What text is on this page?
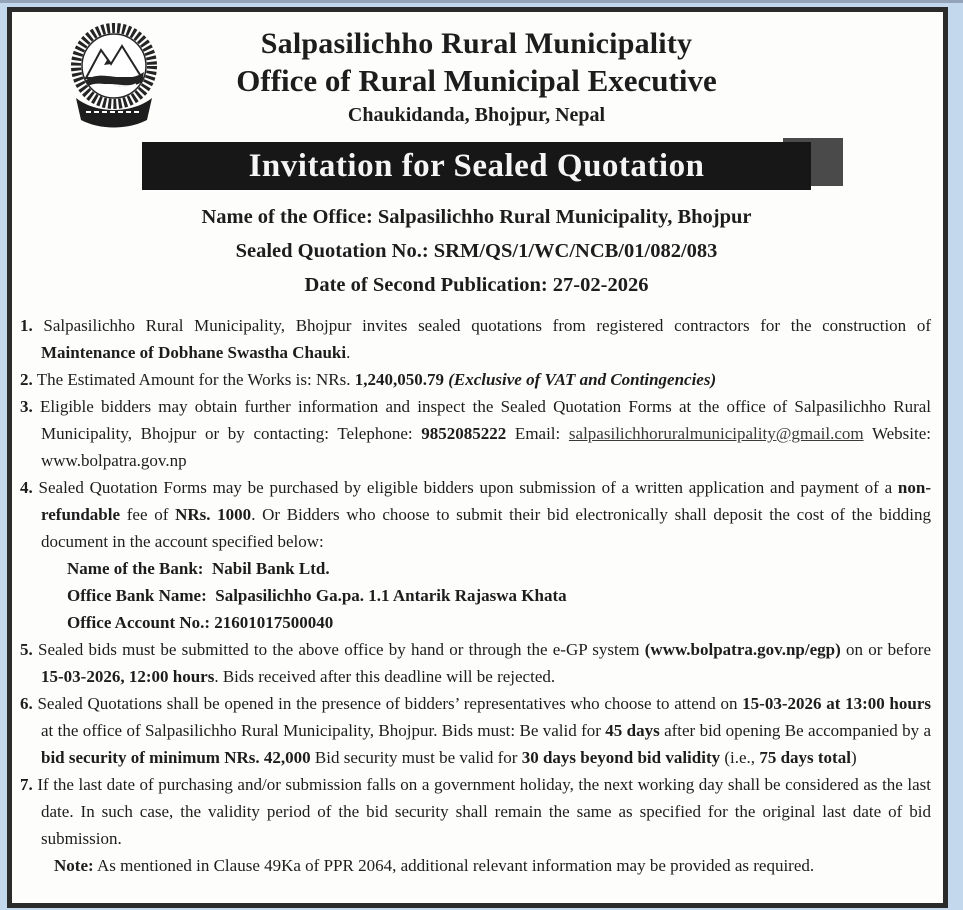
Salpasilichho Rural Municipality
Office of Rural Municipal Executive
Chaukidanda, Bhojpur, Nepal
Invitation for Sealed Quotation
Name of the Office: Salpasilichho Rural Municipality, Bhojpur
Sealed Quotation No.: SRM/QS/1/WC/NCB/01/082/083
Date of Second Publication: 27-02-2026

1. Salpasilichho Rural Municipality, Bhojpur invites sealed quotations from registered contractors for the construction of Maintenance of Dobhane Swastha Chauki.

2. The Estimated Amount for the Works is: NRs. 1,240,050.79 (Exclusive of VAT and Contingencies)

3. Eligible bidders may obtain further information and inspect the Sealed Quotation Forms at the office of Salpasilichho Rural Municipality, Bhojpur or by contacting: Telephone: 9852085222 Email: salpasilichhoruralmunicipality@gmail.com Website: www.bolpatra.gov.np

4. Sealed Quotation Forms may be purchased by eligible bidders upon submission of a written application and payment of a non-refundable fee of NRs. 1000. Or Bidders who choose to submit their bid electronically shall deposit the cost of the bidding document in the account specified below:

Name of the Bank:  Nabil Bank Ltd.

Office Bank Name:  Salpasilichho Ga.pa. 1.1 Antarik Rajaswa Khata

Office Account No.: 21601017500040

5. Sealed bids must be submitted to the above office by hand or through the e-GP system (www.bolpatra.gov.np/egp) on or before 15-03-2026, 12:00 hours. Bids received after this deadline will be rejected.

6. Sealed Quotations shall be opened in the presence of bidders’ representatives who choose to attend on 15-03-2026 at 13:00 hours at the office of Salpasilichho Rural Municipality, Bhojpur. Bids must: Be valid for 45 days after bid opening Be accompanied by a bid security of minimum NRs. 42,000 Bid security must be valid for 30 days beyond bid validity (i.e., 75 days total)

7. If the last date of purchasing and/or submission falls on a government holiday, the next working day shall be considered as the last date. In such case, the validity period of the bid security shall remain the same as specified for the original last date of bid submission.

Note: As mentioned in Clause 49Ka of PPR 2064, additional relevant information may be provided as required.
